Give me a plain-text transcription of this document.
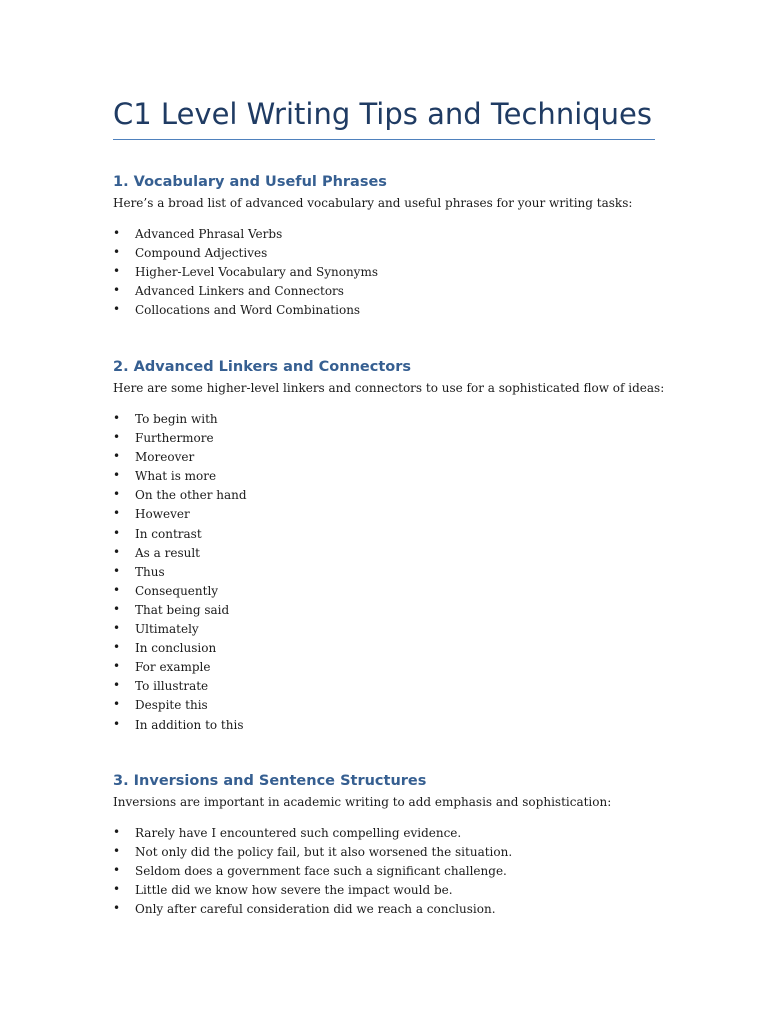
C1 Level Writing Tips and Techniques
1. Vocabulary and Useful Phrases

Here’s a broad list of advanced vocabulary and useful phrases for your writing tasks:

•	Advanced Phrasal Verbs
•	Compound Adjectives
•	Higher-Level Vocabulary and Synonyms
•	Advanced Linkers and Connectors
•	Collocations and Word Combinations
2. Advanced Linkers and Connectors

Here are some higher-level linkers and connectors to use for a sophisticated flow of ideas:

•	To begin with
•	Furthermore
•	Moreover
•	What is more
•	On the other hand
•	However
•	In contrast
•	As a result
•	Thus
•	Consequently
•	That being said
•	Ultimately
•	In conclusion
•	For example
•	To illustrate
•	Despite this
•	In addition to this
3. Inversions and Sentence Structures

Inversions are important in academic writing to add emphasis and sophistication:

•	Rarely have I encountered such compelling evidence.
•	Not only did the policy fail, but it also worsened the situation.
•	Seldom does a government face such a significant challenge.
•	Little did we know how severe the impact would be.
•	Only after careful consideration did we reach a conclusion.
